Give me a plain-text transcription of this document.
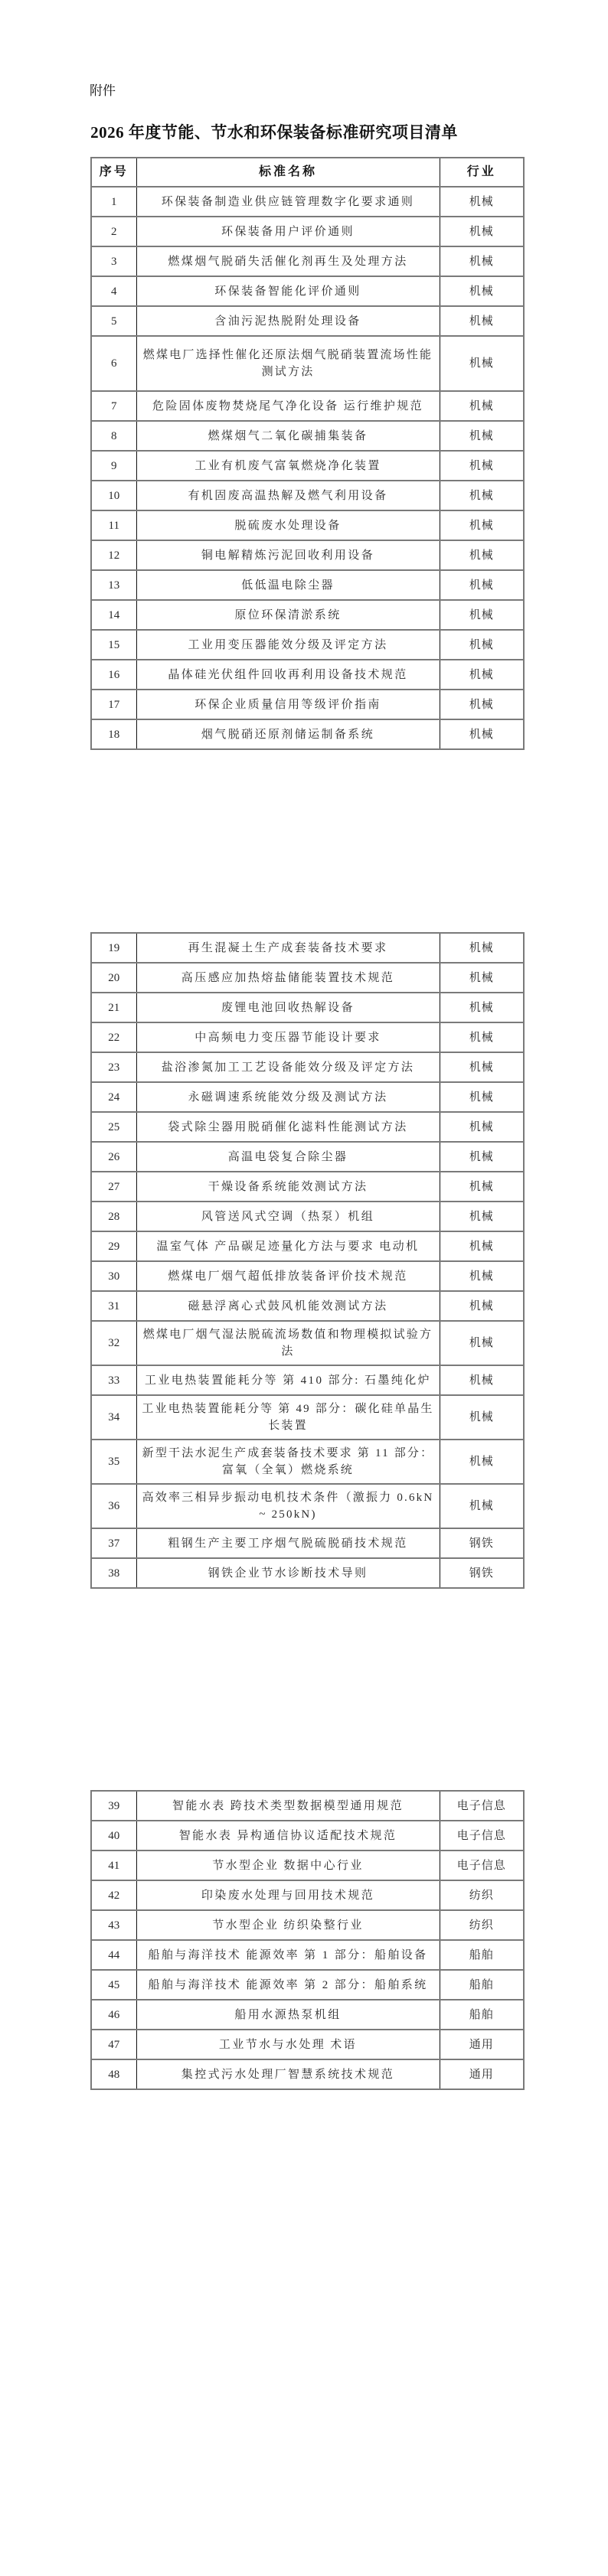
附件
2026 年度节能、节水和环保装备标准研究项目清单
序号	标准名称	行业
1	环保装备制造业供应链管理数字化要求通则	机械
2	环保装备用户评价通则	机械
3	燃煤烟气脱硝失活催化剂再生及处理方法	机械
4	环保装备智能化评价通则	机械
5	含油污泥热脱附处理设备	机械
6	燃煤电厂选择性催化还原法烟气脱硝装置流场性能测试方法	机械
7	危险固体废物焚烧尾气净化设备 运行维护规范	机械
8	燃煤烟气二氧化碳捕集装备	机械
9	工业有机废气富氧燃烧净化装置	机械
10	有机固废高温热解及燃气利用设备	机械
11	脱硫废水处理设备	机械
12	铜电解精炼污泥回收利用设备	机械
13	低低温电除尘器	机械
14	原位环保清淤系统	机械
15	工业用变压器能效分级及评定方法	机械
16	晶体硅光伏组件回收再利用设备技术规范	机械
17	环保企业质量信用等级评价指南	机械
18	烟气脱硝还原剂储运制备系统	机械
19	再生混凝土生产成套装备技术要求	机械
20	高压感应加热熔盐储能装置技术规范	机械
21	废锂电池回收热解设备	机械
22	中高频电力变压器节能设计要求	机械
23	盐浴渗氮加工工艺设备能效分级及评定方法	机械
24	永磁调速系统能效分级及测试方法	机械
25	袋式除尘器用脱硝催化滤料性能测试方法	机械
26	高温电袋复合除尘器	机械
27	干燥设备系统能效测试方法	机械
28	风管送风式空调（热泵）机组	机械
29	温室气体 产品碳足迹量化方法与要求 电动机	机械
30	燃煤电厂烟气超低排放装备评价技术规范	机械
31	磁悬浮离心式鼓风机能效测试方法	机械
32	燃煤电厂烟气湿法脱硫流场数值和物理模拟试验方法	机械
33	工业电热装置能耗分等 第 410 部分: 石墨纯化炉	机械
34	工业电热装置能耗分等 第 49 部分：碳化硅单晶生长装置	机械
35	新型干法水泥生产成套装备技术要求 第 11 部分：富氧（全氧）燃烧系统	机械
36	高效率三相异步振动电机技术条件（激振力 0.6kN ~ 250kN)	机械
37	粗钢生产主要工序烟气脱硫脱硝技术规范	钢铁
38	钢铁企业节水诊断技术导则	钢铁
39	智能水表 跨技术类型数据模型通用规范	电子信息
40	智能水表 异构通信协议适配技术规范	电子信息
41	节水型企业 数据中心行业	电子信息
42	印染废水处理与回用技术规范	纺织
43	节水型企业 纺织染整行业	纺织
44	船舶与海洋技术 能源效率 第 1 部分：船舶设备	船舶
45	船舶与海洋技术 能源效率 第 2 部分：船舶系统	船舶
46	船用水源热泵机组	船舶
47	工业节水与水处理 术语	通用
48	集控式污水处理厂智慧系统技术规范	通用
